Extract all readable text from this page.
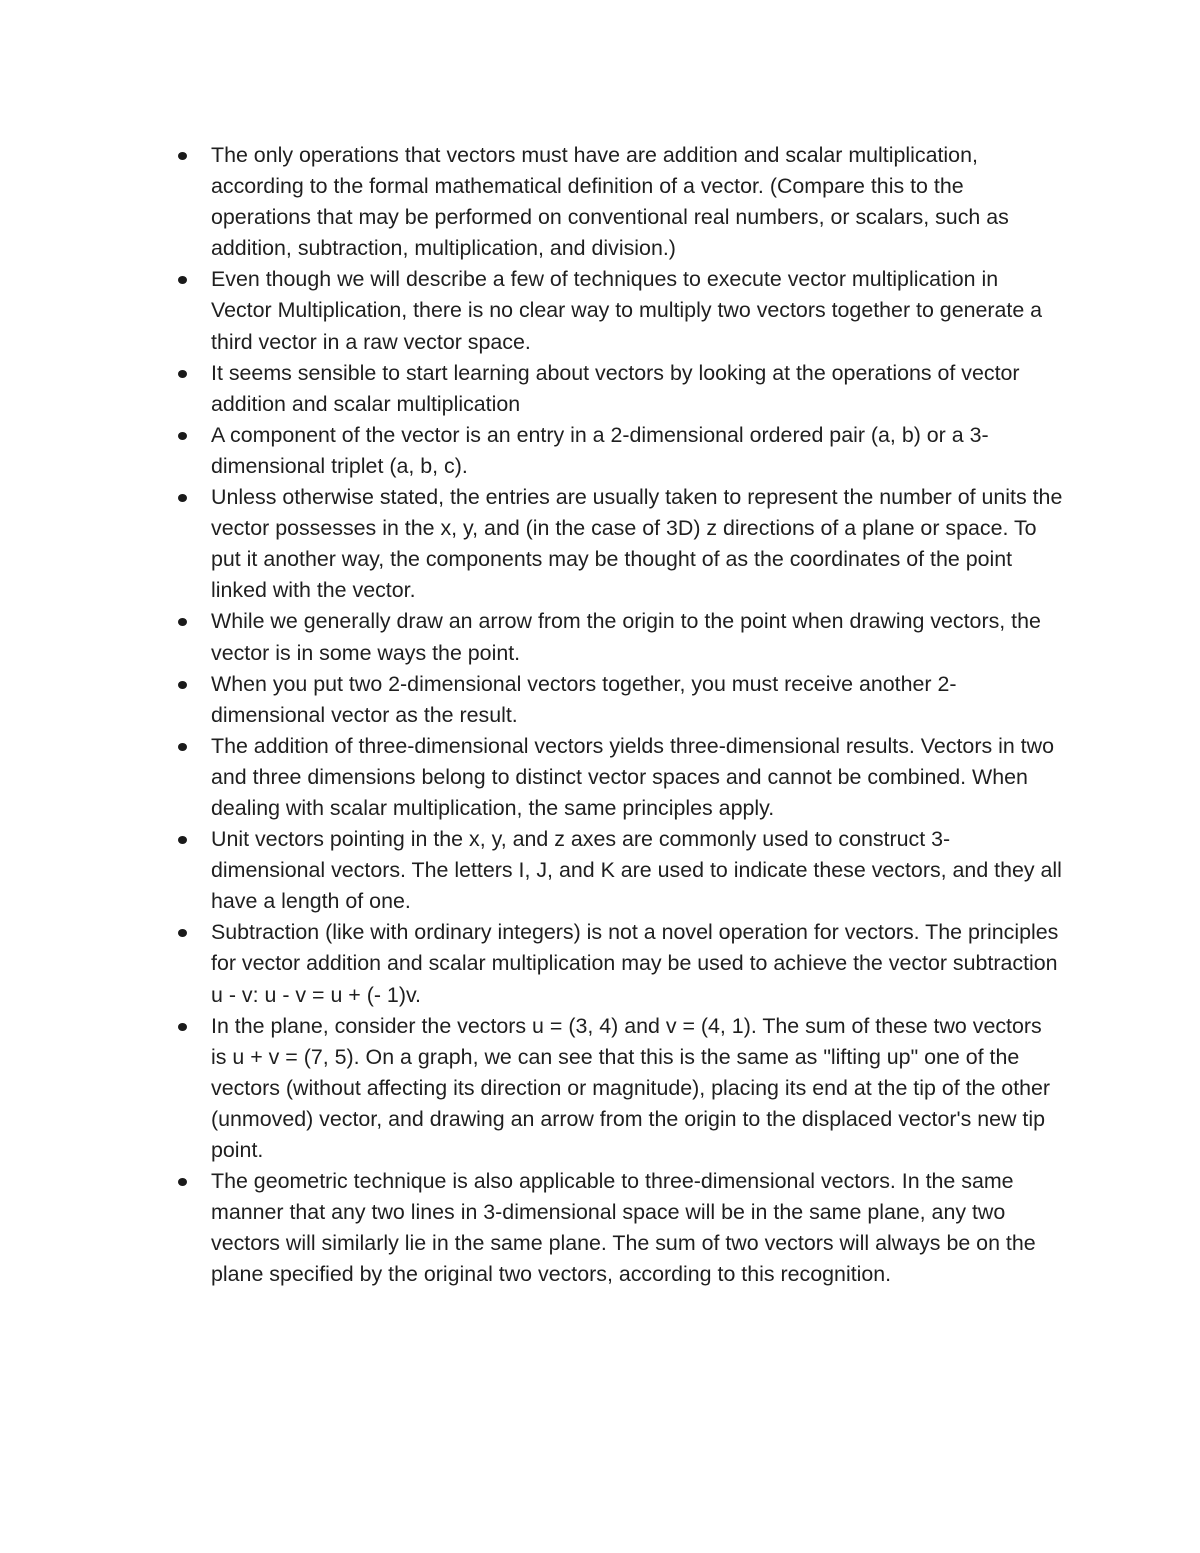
The only operations that vectors must have are addition and scalar multiplication, according to the formal mathematical definition of a vector. (Compare this to the operations that may be performed on conventional real numbers, or scalars, such as addition, subtraction, multiplication, and division.)
Even though we will describe a few of techniques to execute vector multiplication in Vector Multiplication, there is no clear way to multiply two vectors together to generate a third vector in a raw vector space.
It seems sensible to start learning about vectors by looking at the operations of vector addition and scalar multiplication
A component of the vector is an entry in a 2-dimensional ordered pair (a, b) or a 3-dimensional triplet (a, b, c).
Unless otherwise stated, the entries are usually taken to represent the number of units the vector possesses in the x, y, and (in the case of 3D) z directions of a plane or space. To put it another way, the components may be thought of as the coordinates of the point linked with the vector.
While we generally draw an arrow from the origin to the point when drawing vectors, the vector is in some ways the point.
When you put two 2-dimensional vectors together, you must receive another 2-dimensional vector as the result.
The addition of three-dimensional vectors yields three-dimensional results. Vectors in two and three dimensions belong to distinct vector spaces and cannot be combined. When dealing with scalar multiplication, the same principles apply.
Unit vectors pointing in the x, y, and z axes are commonly used to construct 3-dimensional vectors. The letters I, J, and K are used to indicate these vectors, and they all have a length of one.
Subtraction (like with ordinary integers) is not a novel operation for vectors. The principles for vector addition and scalar multiplication may be used to achieve the vector subtraction u - v: u - v = u + (- 1)v.
In the plane, consider the vectors u = (3, 4) and v = (4, 1). The sum of these two vectors is u + v = (7, 5). On a graph, we can see that this is the same as "lifting up" one of the vectors (without affecting its direction or magnitude), placing its end at the tip of the other (unmoved) vector, and drawing an arrow from the origin to the displaced vector's new tip point.
The geometric technique is also applicable to three-dimensional vectors. In the same manner that any two lines in 3-dimensional space will be in the same plane, any two vectors will similarly lie in the same plane. The sum of two vectors will always be on the plane specified by the original two vectors, according to this recognition.
